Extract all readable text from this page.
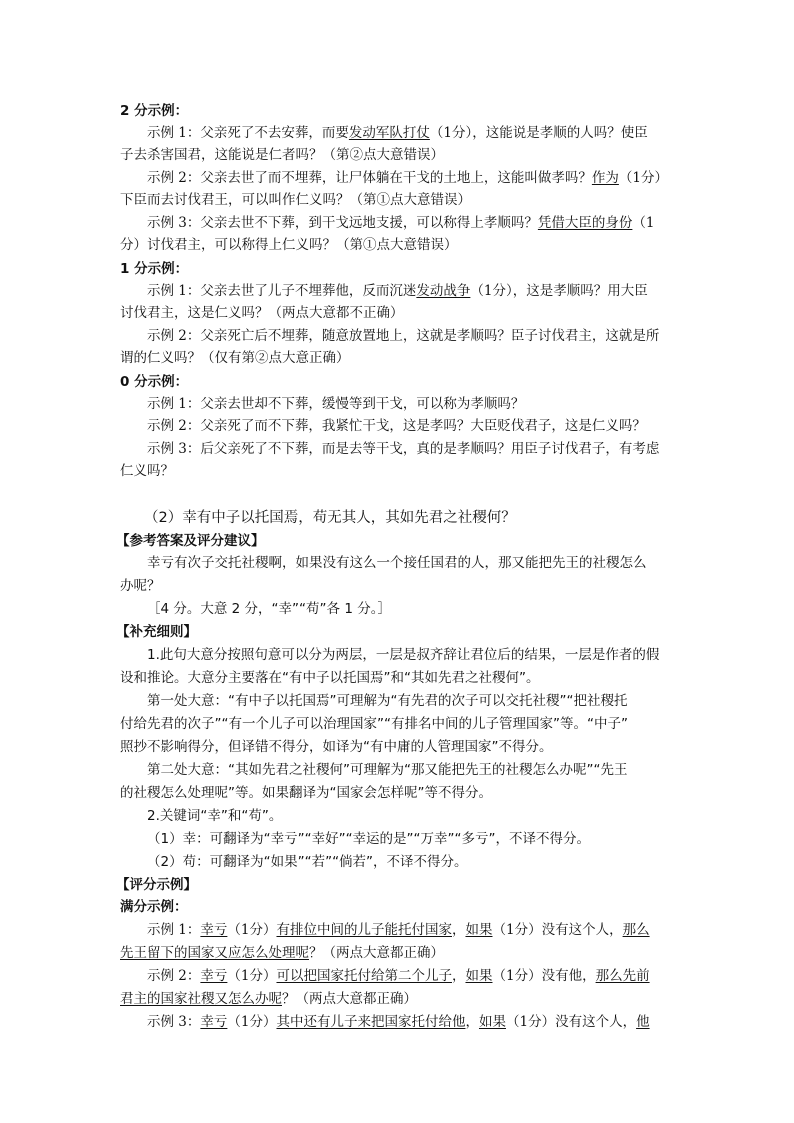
2 分示例：
示例 1：父亲死了不去安葬，而要发动军队打仗（1分），这能说是孝顺的人吗？使臣
子去杀害国君，这能说是仁者吗？（第②点大意错误）
示例 2：父亲去世了而不埋葬，让尸体躺在干戈的土地上，这能叫做孝吗？作为（1分）
下臣而去讨伐君王，可以叫作仁义吗？（第①点大意错误）
示例 3：父亲去世不下葬，到干戈远地支援，可以称得上孝顺吗？凭借大臣的身份（1
分）讨伐君主，可以称得上仁义吗？（第①点大意错误）
1 分示例：
示例 1：父亲去世了儿子不埋葬他，反而沉迷发动战争（1分），这是孝顺吗？用大臣
讨伐君主，这是仁义吗？（两点大意都不正确）
示例 2：父亲死亡后不埋葬，随意放置地上，这就是孝顺吗？臣子讨伐君主，这就是所
谓的仁义吗？（仅有第②点大意正确）
0 分示例：
示例 1：父亲去世却不下葬，缓慢等到干戈，可以称为孝顺吗？
示例 2：父亲死了而不下葬，我紧忙干戈，这是孝吗？大臣贬伐君子，这是仁义吗？
示例 3：后父亲死了不下葬，而是去等干戈，真的是孝顺吗？用臣子讨伐君子，有考虑
仁义吗？
（2）幸有中子以托国焉，苟无其人，其如先君之社稷何？
【参考答案及评分建议】
幸亏有次子交托社稷啊，如果没有这么一个接任国君的人，那又能把先王的社稷怎么
办呢？
［4 分。大意 2 分，“幸”“苟”各 1 分。］
【补充细则】
1.此句大意分按照句意可以分为两层，一层是叔齐辞让君位后的结果，一层是作者的假
设和推论。大意分主要落在“有中子以托国焉”和“其如先君之社稷何”。
第一处大意：“有中子以托国焉”可理解为“有先君的次子可以交托社稷”“把社稷托
付给先君的次子”“有一个儿子可以治理国家”“有排名中间的儿子管理国家”等。“中子”
照抄不影响得分，但译错不得分，如译为“有中庸的人管理国家”不得分。
第二处大意：“其如先君之社稷何”可理解为“那又能把先王的社稷怎么办呢”“先王
的社稷怎么处理呢”等。如果翻译为“国家会怎样呢”等不得分。
2.关键词“幸”和“苟”。
（1）幸：可翻译为“幸亏”“幸好”“幸运的是”“万幸”“多亏”，不译不得分。
（2）苟：可翻译为“如果”“若”“倘若”，不译不得分。
【评分示例】
满分示例：
示例 1：幸亏（1分）有排位中间的儿子能托付国家，如果（1分）没有这个人，那么
先王留下的国家又应怎么处理呢？（两点大意都正确）
示例 2：幸亏（1分）可以把国家托付给第二个儿子，如果（1分）没有他，那么先前
君主的国家社稷又怎么办呢？（两点大意都正确）
示例 3：幸亏（1分）其中还有儿子来把国家托付给他，如果（1分）没有这个人，他
